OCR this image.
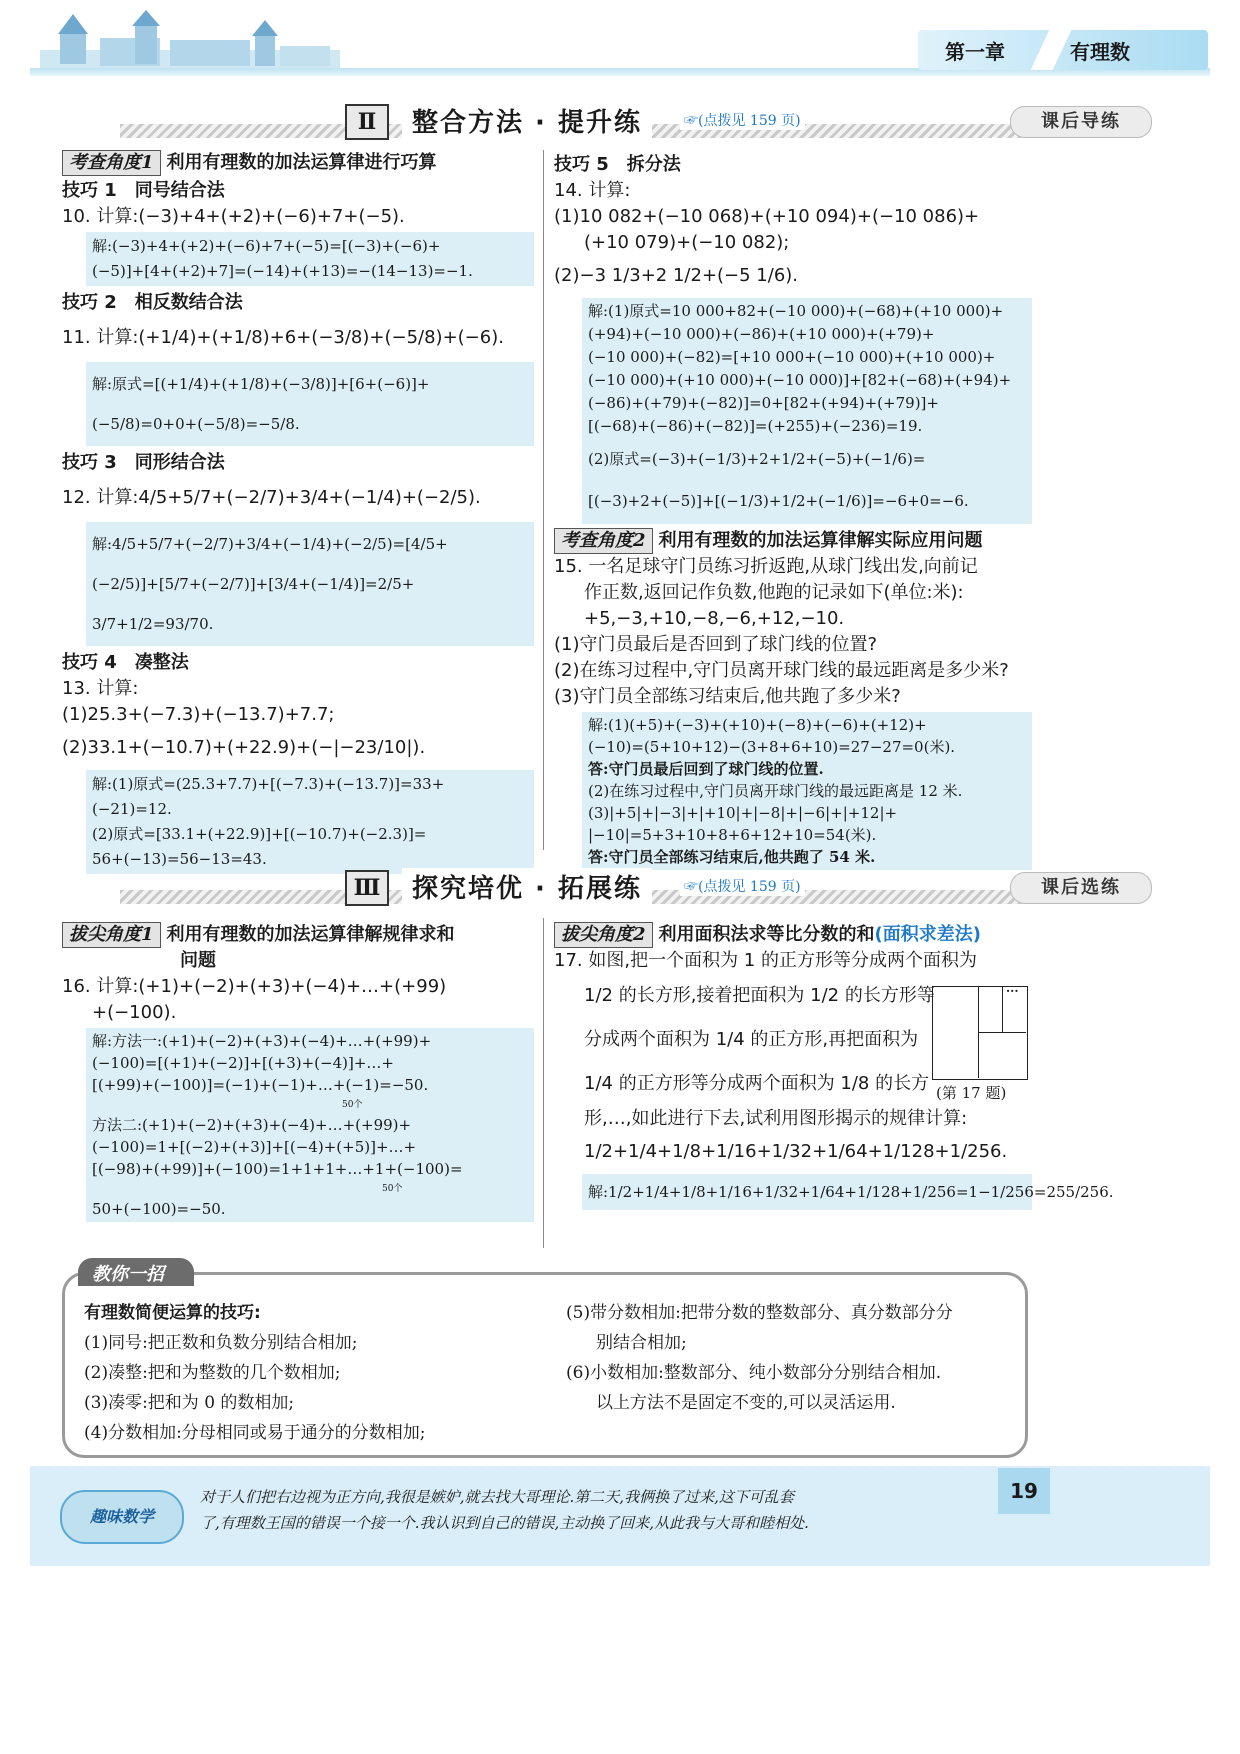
第一章	有理数
Ⅱ	整合方法 · 提升练	☞(点拨见 159 页)	课后导练
考查角度1 利用有理数的加法运算律进行巧算
技巧 1　同号结合法
10. 计算:(−3)+4+(+2)+(−6)+7+(−5).
解:(−3)+4+(+2)+(−6)+7+(−5)=[(−3)+(−6)+
(−5)]+[4+(+2)+7]=(−14)+(+13)=−(14−13)=−1.
技巧 2　相反数结合法
11. 计算:(+1/4)+(+1/8)+6+(−3/8)+(−5/8)+(−6).
解:原式=[(+1/4)+(+1/8)+(−3/8)]+[6+(−6)]+
(−5/8)=0+0+(−5/8)=−5/8.
技巧 3　同形结合法
12. 计算:4/5+5/7+(−2/7)+3/4+(−1/4)+(−2/5).
解:4/5+5/7+(−2/7)+3/4+(−1/4)+(−2/5)=[4/5+
(−2/5)]+[5/7+(−2/7)]+[3/4+(−1/4)]=2/5+
3/7+1/2=93/70.
技巧 4　凑整法
13. 计算:
(1)25.3+(−7.3)+(−13.7)+7.7;
(2)33.1+(−10.7)+(+22.9)+(−|−23/10|).
解:(1)原式=(25.3+7.7)+[(−7.3)+(−13.7)]=33+
(−21)=12.
(2)原式=[33.1+(+22.9)]+[(−10.7)+(−2.3)]=
56+(−13)=56−13=43.
技巧 5　拆分法
14. 计算:
(1)10 082+(−10 068)+(+10 094)+(−10 086)+
(+10 079)+(−10 082);
(2)−3 1/3+2 1/2+(−5 1/6).
解:(1)原式=10 000+82+(−10 000)+(−68)+(+10 000)+
(+94)+(−10 000)+(−86)+(+10 000)+(+79)+
(−10 000)+(−82)=[+10 000+(−10 000)+(+10 000)+
(−10 000)+(+10 000)+(−10 000)]+[82+(−68)+(+94)+
(−86)+(+79)+(−82)]=0+[82+(+94)+(+79)]+
[(−68)+(−86)+(−82)]=(+255)+(−236)=19.
(2)原式=(−3)+(−1/3)+2+1/2+(−5)+(−1/6)=
[(−3)+2+(−5)]+[(−1/3)+1/2+(−1/6)]=−6+0=−6.
考查角度2 利用有理数的加法运算律解实际应用问题
15. 一名足球守门员练习折返跑,从球门线出发,向前记
作正数,返回记作负数,他跑的记录如下(单位:米):
+5,−3,+10,−8,−6,+12,−10.
(1)守门员最后是否回到了球门线的位置?
(2)在练习过程中,守门员离开球门线的最远距离是多少米?
(3)守门员全部练习结束后,他共跑了多少米?
解:(1)(+5)+(−3)+(+10)+(−8)+(−6)+(+12)+
(−10)=(5+10+12)−(3+8+6+10)=27−27=0(米).
答:守门员最后回到了球门线的位置.
(2)在练习过程中,守门员离开球门线的最远距离是 12 米.
(3)|+5|+|−3|+|+10|+|−8|+|−6|+|+12|+
|−10|=5+3+10+8+6+12+10=54(米).
答:守门员全部练习结束后,他共跑了 54 米.
Ⅲ	探究培优 · 拓展练	☞(点拨见 159 页)	课后选练
拔尖角度1 利用有理数的加法运算律解规律求和
问题
16. 计算:(+1)+(−2)+(+3)+(−4)+…+(+99)
+(−100).
解:方法一:(+1)+(−2)+(+3)+(−4)+…+(+99)+
(−100)=[(+1)+(−2)]+[(+3)+(−4)]+…+
[(+99)+(−100)]=(−1)+(−1)+…+(−1)=−50.
50个
方法二:(+1)+(−2)+(+3)+(−4)+…+(+99)+
(−100)=1+[(−2)+(+3)]+[(−4)+(+5)]+…+
[(−98)+(+99)]+(−100)=1+1+1+…+1+(−100)=
50个
50+(−100)=−50.
拔尖角度2 利用面积法求等比分数的和(面积求差法)
17. 如图,把一个面积为 1 的正方形等分成两个面积为
1/2 的长方形,接着把面积为 1/2 的长方形等
分成两个面积为 1/4 的正方形,再把面积为
1/4 的正方形等分成两个面积为 1/8 的长方
形,…,如此进行下去,试利用图形揭示的规律计算:
1/2+1/4+1/8+1/16+1/32+1/64+1/128+1/256.
解:1/2+1/4+1/8+1/16+1/32+1/64+1/128+1/256=1−1/256=255/256.
···
(第 17 题)
教你一招
有理数简便运算的技巧:
(1)同号:把正数和负数分别结合相加;
(2)凑整:把和为整数的几个数相加;
(3)凑零:把和为 0 的数相加;
(4)分数相加:分母相同或易于通分的分数相加;
(5)带分数相加:把带分数的整数部分、真分数部分分
别结合相加;
(6)小数相加:整数部分、纯小数部分分别结合相加.
以上方法不是固定不变的,可以灵活运用.
趣味数学
对于人们把右边视为正方向,我很是嫉妒,就去找大哥理论.第二天,我俩换了过来,这下可乱套
了,有理数王国的错误一个接一个.我认识到自己的错误,主动换了回来,从此我与大哥和睦相处.
19
